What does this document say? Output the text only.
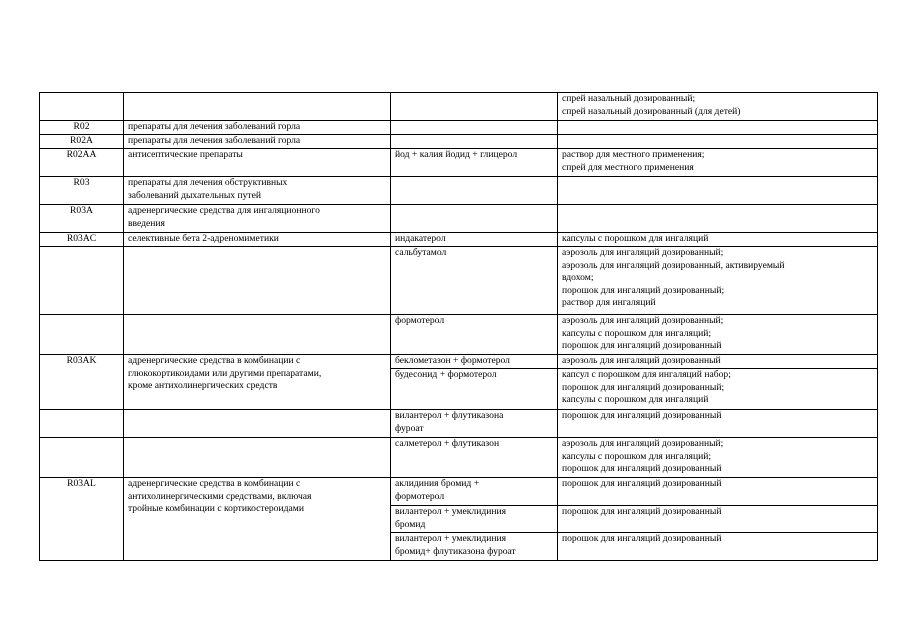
			спрей назальный дозированный;
спрей назальный дозированный (для детей)

R02	препараты для лечения заболеваний горла		

R02A	препараты для лечения заболеваний горла		

R02AA	антисептические препараты	йод + калия йодид + глицерол	раствор для местного применения;
спрей для местного применения

R03	препараты для лечения обструктивных
заболеваний дыхательных путей		

R03A	адренергические средства для ингаляционного
введения		

R03AC	селективные бета 2-адреномиметики	индакатерол	капсулы с порошком для ингаляций

		сальбутамол	аэрозоль для ингаляций дозированный;
аэрозоль для ингаляций дозированный, активируемый
вдохом;
порошок для ингаляций дозированный;
раствор для ингаляций

		формотерол	аэрозоль для ингаляций дозированный;
капсулы с порошком для ингаляций;
порошок для ингаляций дозированный

R03AK	адренергические средства в комбинации с
глюкокортикоидами или другими препаратами,
кроме антихолинергических средств	беклометазон + формотерол	аэрозоль для ингаляций дозированный

		будесонид + формотерол	капсул с порошком для ингаляций набор;
порошок для ингаляций дозированный;
капсулы с порошком для ингаляций

		вилантерол + флутиказона
фуроат	порошок для ингаляций дозированный

		салметерол + флутиказон	аэрозоль для ингаляций дозированный;
капсулы с порошком для ингаляций;
порошок для ингаляций дозированный

R03AL	адренергические средства в комбинации с
антихолинергическими средствами, включая
тройные комбинации с кортикостероидами	аклидиния бромид +
формотерол	порошок для ингаляций дозированный

		вилантерол + умеклидиния
бромид	порошок для ингаляций дозированный

		вилантерол + умеклидиния
бромид+ флутиказона фуроат	порошок для ингаляций дозированный
